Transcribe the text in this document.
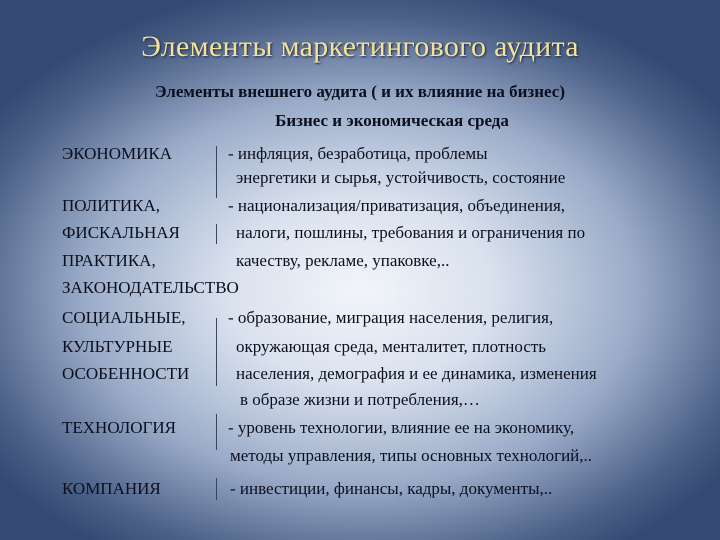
Элементы маркетингового аудита
Элементы внешнего аудита ( и их влияние на бизнес)
Бизнес и экономическая среда
ЭКОНОМИКА	- инфляция, безработица, проблемы
энергетики и сырья, устойчивость, состояние
ПОЛИТИКА,	- национализация/приватизация, объединения,
ФИСКАЛЬНАЯ	налоги, пошлины, требования и ограничения по
ПРАКТИКА,	качеству, рекламе, упаковке,..
ЗАКОНОДАТЕЛЬСТВО
СОЦИАЛЬНЫЕ,	- образование, миграция населения, религия,
КУЛЬТУРНЫЕ	окружающая среда, менталитет, плотность
ОСОБЕННОСТИ	населения, демография и ее динамика, изменения
в образе жизни и потребления,…
ТЕХНОЛОГИЯ	- уровень технологии, влияние ее на экономику,
методы управления, типы основных технологий,..
КОМПАНИЯ	- инвестиции, финансы, кадры, документы,..
